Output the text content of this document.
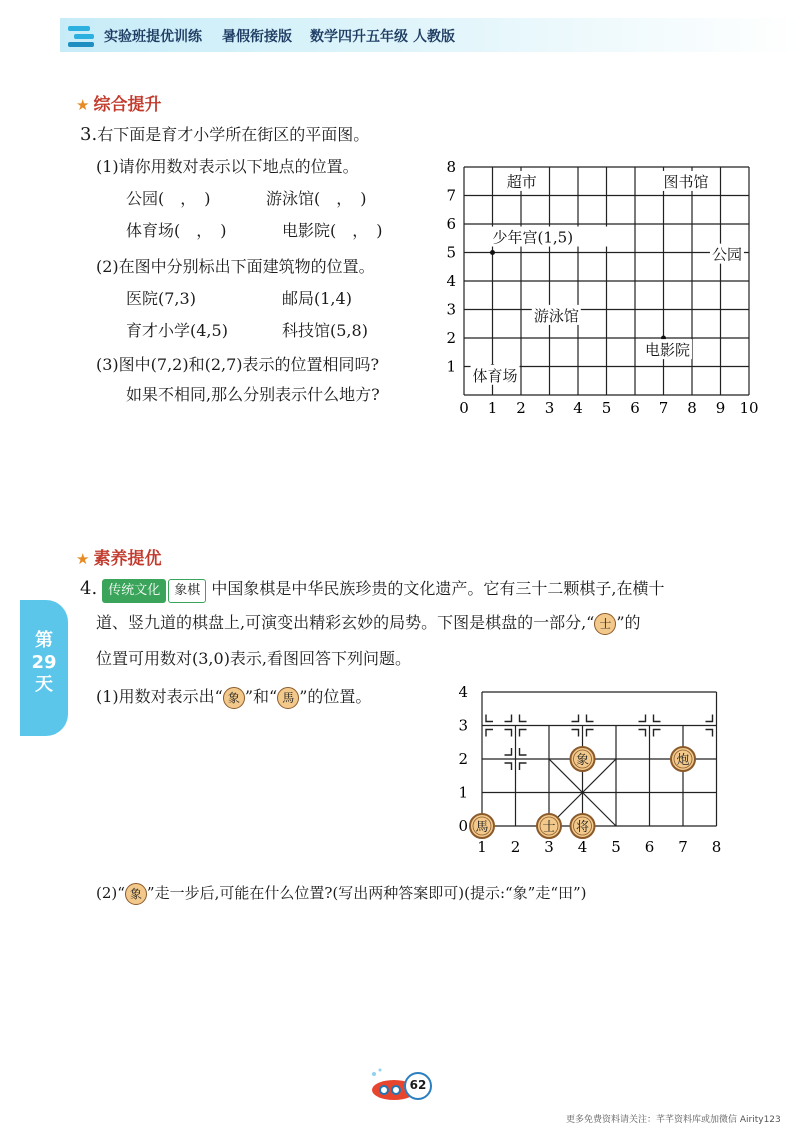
实验班提优训练 暑假衔接版 数学四升五年级 人教版
★ 综合提升
3.右下面是育才小学所在街区的平面图。
(1)请你用数对表示以下地点的位置。
公园(　，　)	游泳馆(　，　)
体育场(　，　)	电影院(　，　)
(2)在图中分别标出下面建筑物的位置。
医院(7,3)	邮局(1,4)
育才小学(4,5)	科技馆(5,8)
(3)图中(7,2)和(2,7)表示的位置相同吗?
如果不相同,那么分别表示什么地方?
0 1 2 3 4 5 6 7 8 9 10
1
2
3
4
5
6
7
8
超市	图书馆
少年宫(1,5)
公园
游泳馆
电影院
体育场
★ 素养提优
4. 传统文化 象棋 中国象棋是中华民族珍贵的文化遗产。它有三十二颗棋子,在横十
道、竖九道的棋盘上,可演变出精彩玄妙的局势。下图是棋盘的一部分,“ 士 ”的
位置可用数对(3,0)表示,看图回答下列问题。
(1)用数对表示出“ 象 ”和“ 馬 ”的位置。
1 2 3 4 5 6 7 8
0
1
2
3
4
馬	士 将
象	炮
(2)“ 象 ”走一步后,可能在什么位置?(写出两种答案即可)(提示:“象”走“田”)
第
29
天
62
更多免费资料请关注：芊芊资料库或加微信 Airity123
